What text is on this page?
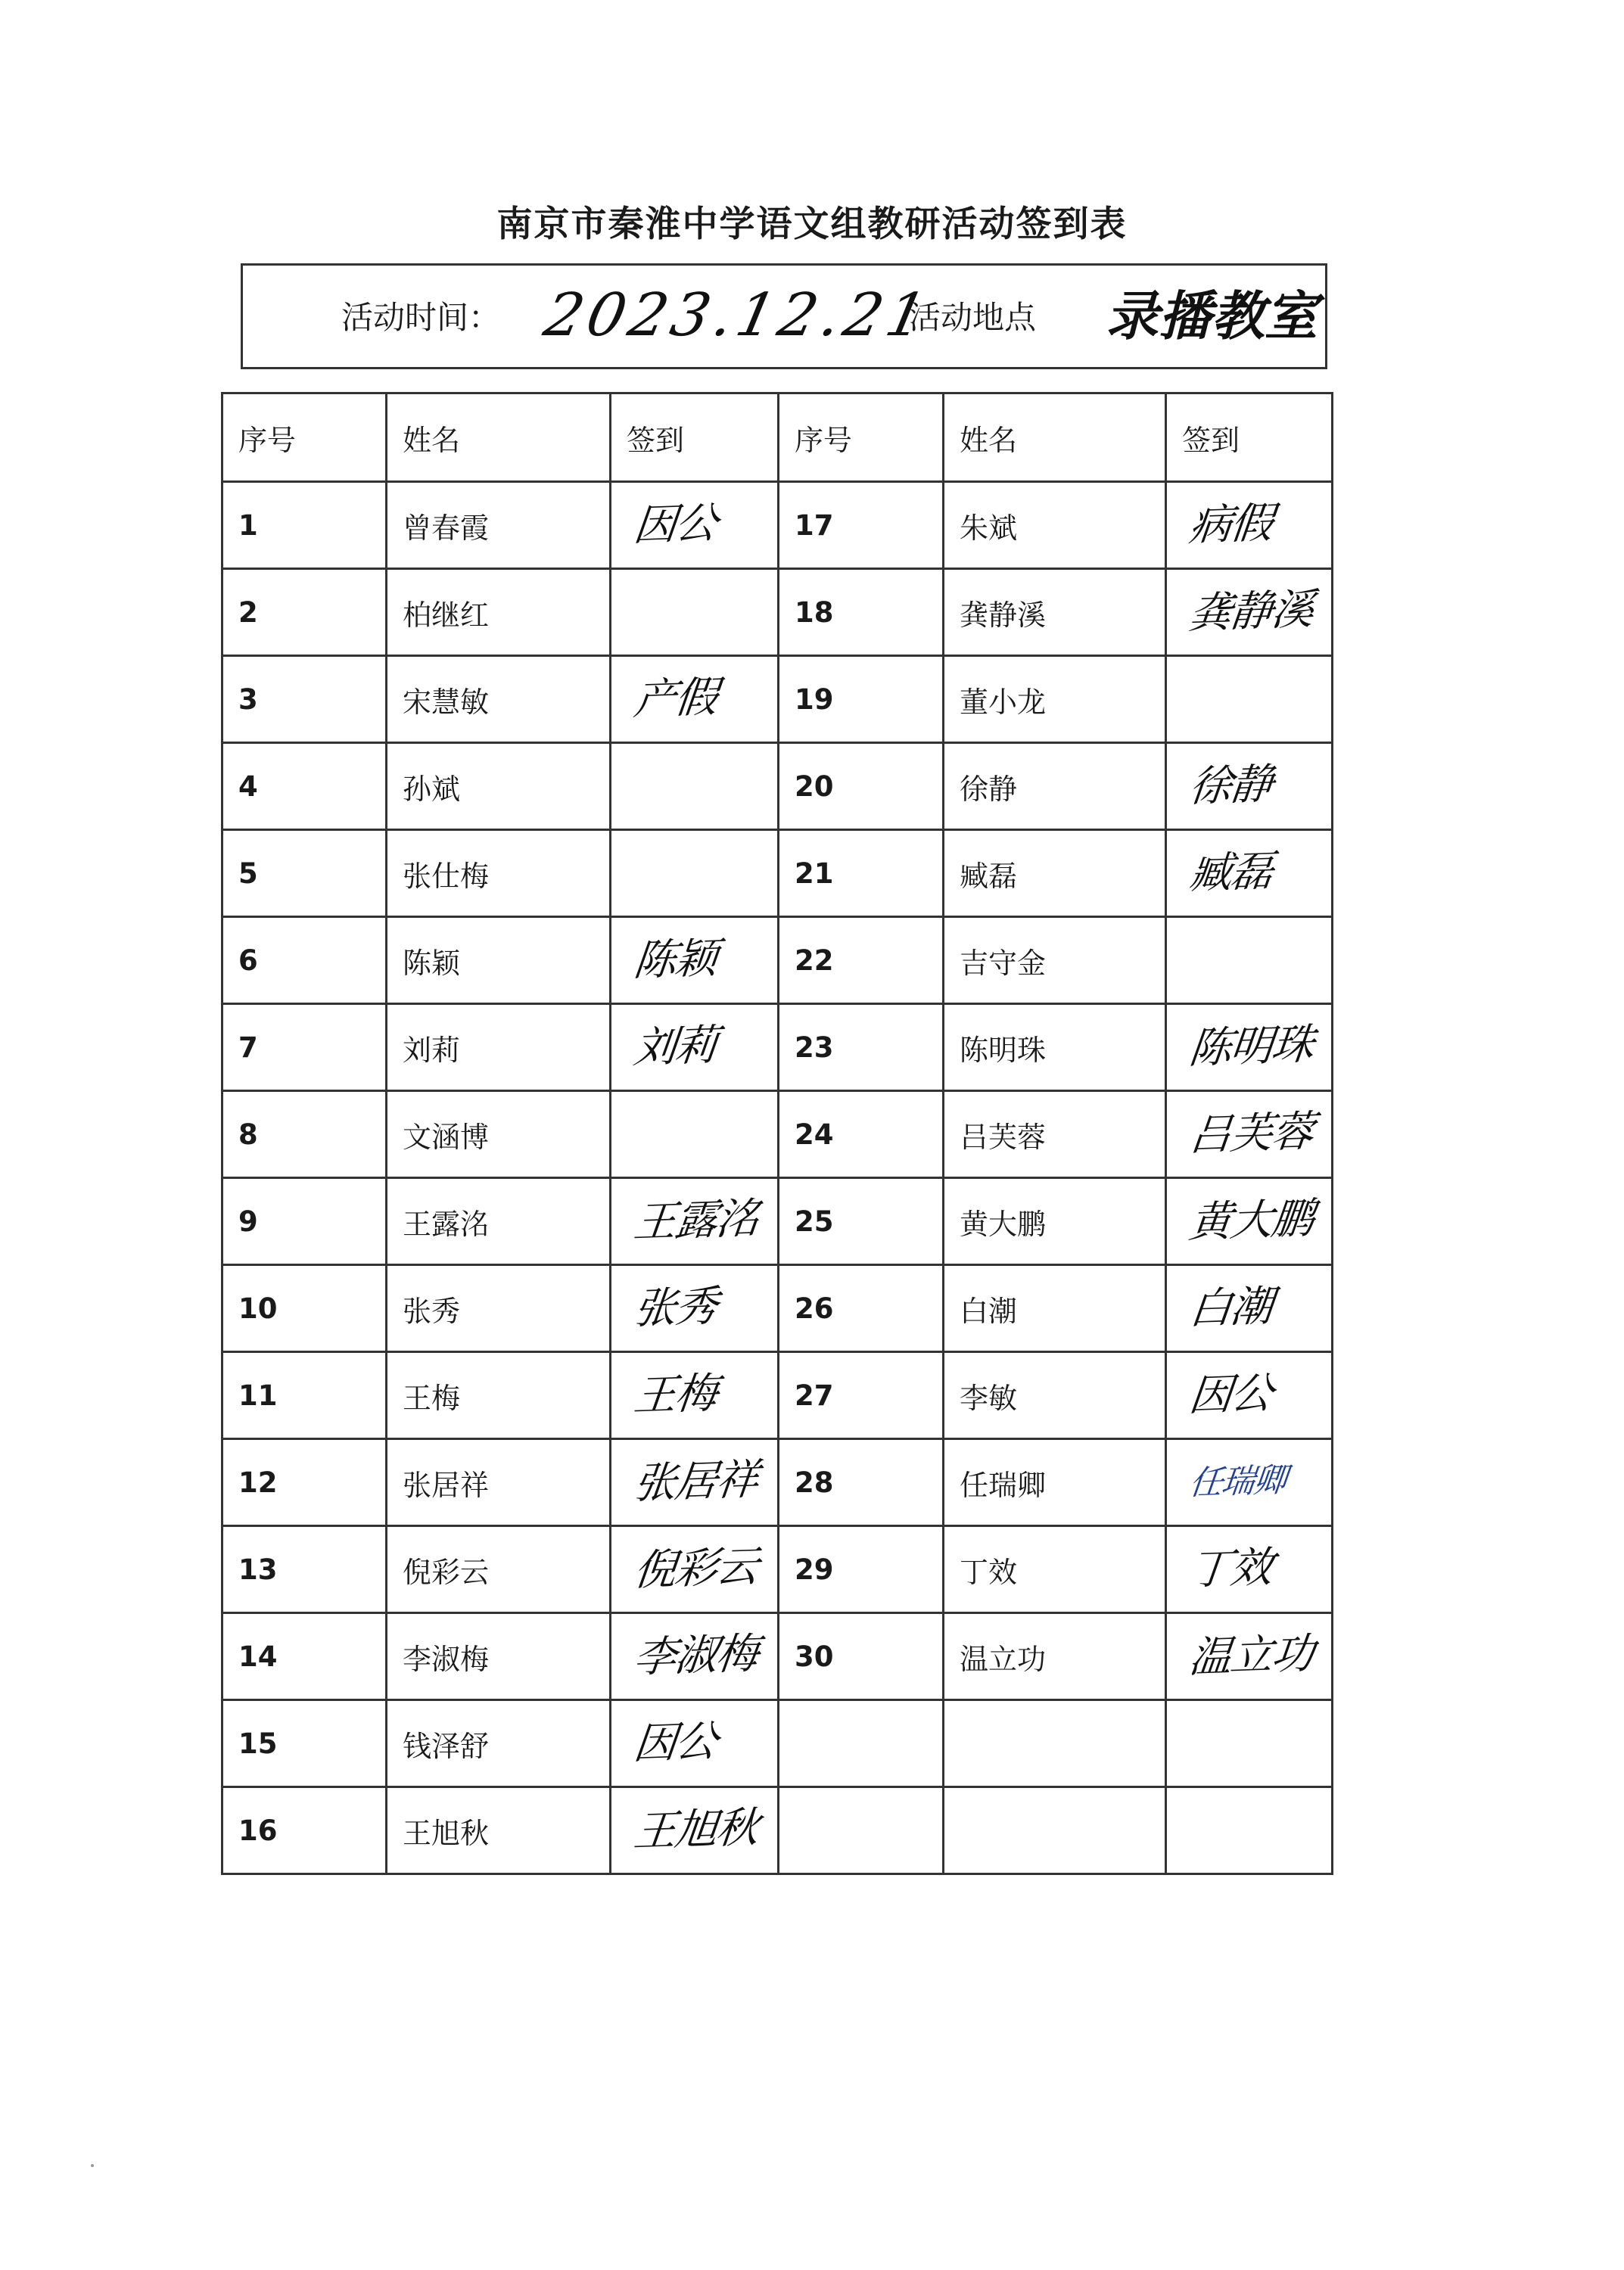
南京市秦淮中学语文组教研活动签到表
活动时间： 2023.12.21
活动地点 录播教室
序号	姓名	签到	序号	姓名	签到
1	曾春霞	因公	17	朱斌	病假
2	柏继红		18	龚静溪	龚静溪
3	宋慧敏	产假	19	董小龙	
4	孙斌		20	徐静	徐静
5	张仕梅		21	臧磊	臧磊
6	陈颖	陈颖	22	吉守金	
7	刘莉	刘莉	23	陈明珠	陈明珠
8	文涵博		24	吕芙蓉	吕芙蓉
9	王露洺	王露洺	25	黄大鹏	黄大鹏
10	张秀	张秀	26	白潮	白潮
11	王梅	王梅	27	李敏	因公
12	张居祥	张居祥	28	任瑞卿	任瑞卿
13	倪彩云	倪彩云	29	丁效	丁效
14	李淑梅	李淑梅	30	温立功	温立功
15	钱泽舒	因公			
16	王旭秋	王旭秋			
